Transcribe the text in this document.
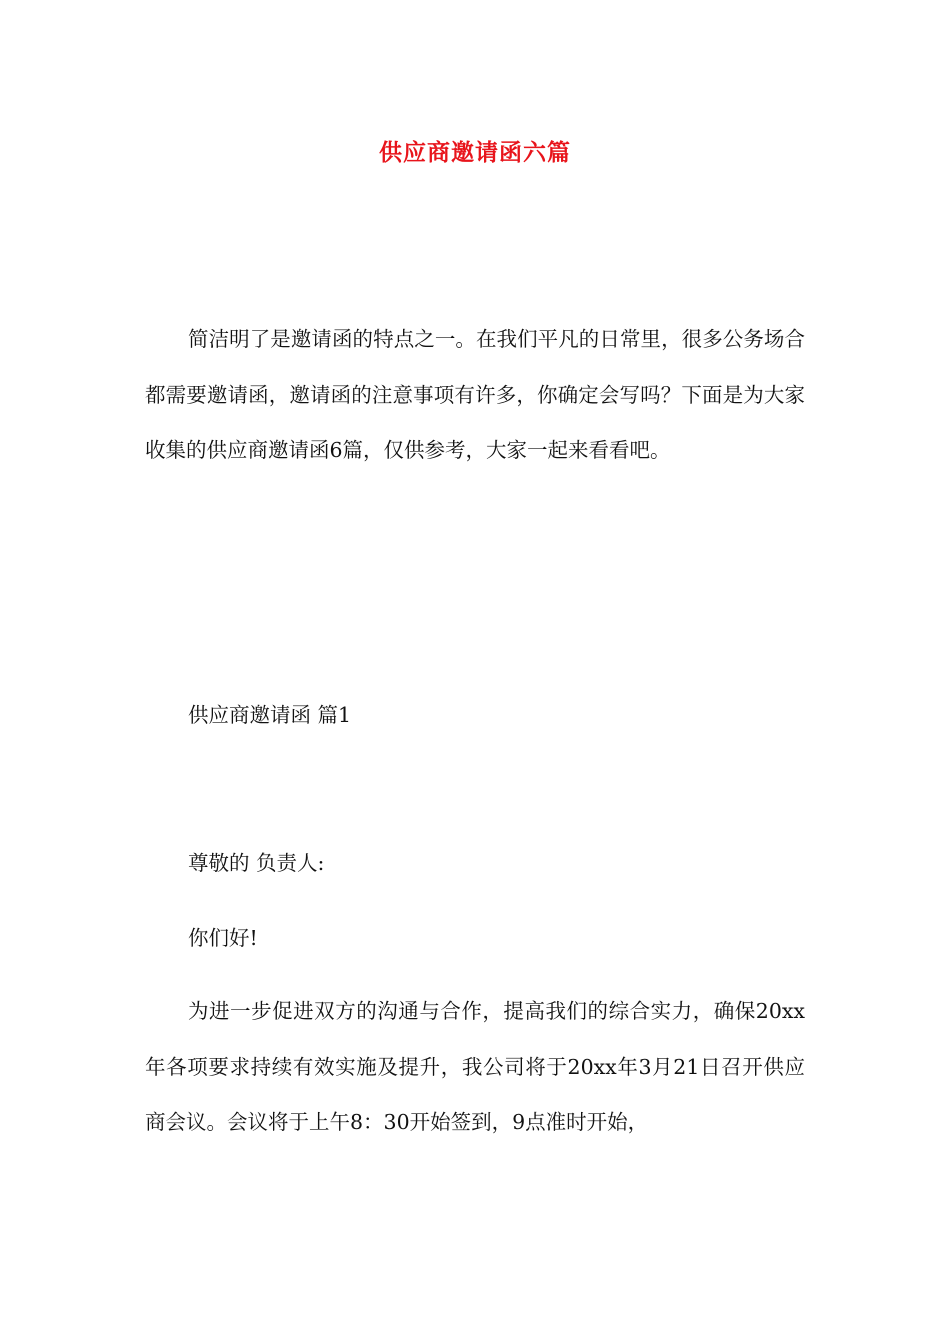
供应商邀请函六篇

简洁明了是邀请函的特点之一。在我们平凡的日常里，很多公务场合都需要邀请函，邀请函的注意事项有许多，你确定会写吗？下面是为大家收集的供应商邀请函6篇，仅供参考，大家一起来看看吧。

供应商邀请函 篇1
尊敬的 负责人:
你们好!

为进一步促进双方的沟通与合作，提高我们的综合实力，确保20xx年各项要求持续有效实施及提升，我公司将于20xx年3月21日召开供应商会议。会议将于上午8：30开始签到，9点准时开始，
